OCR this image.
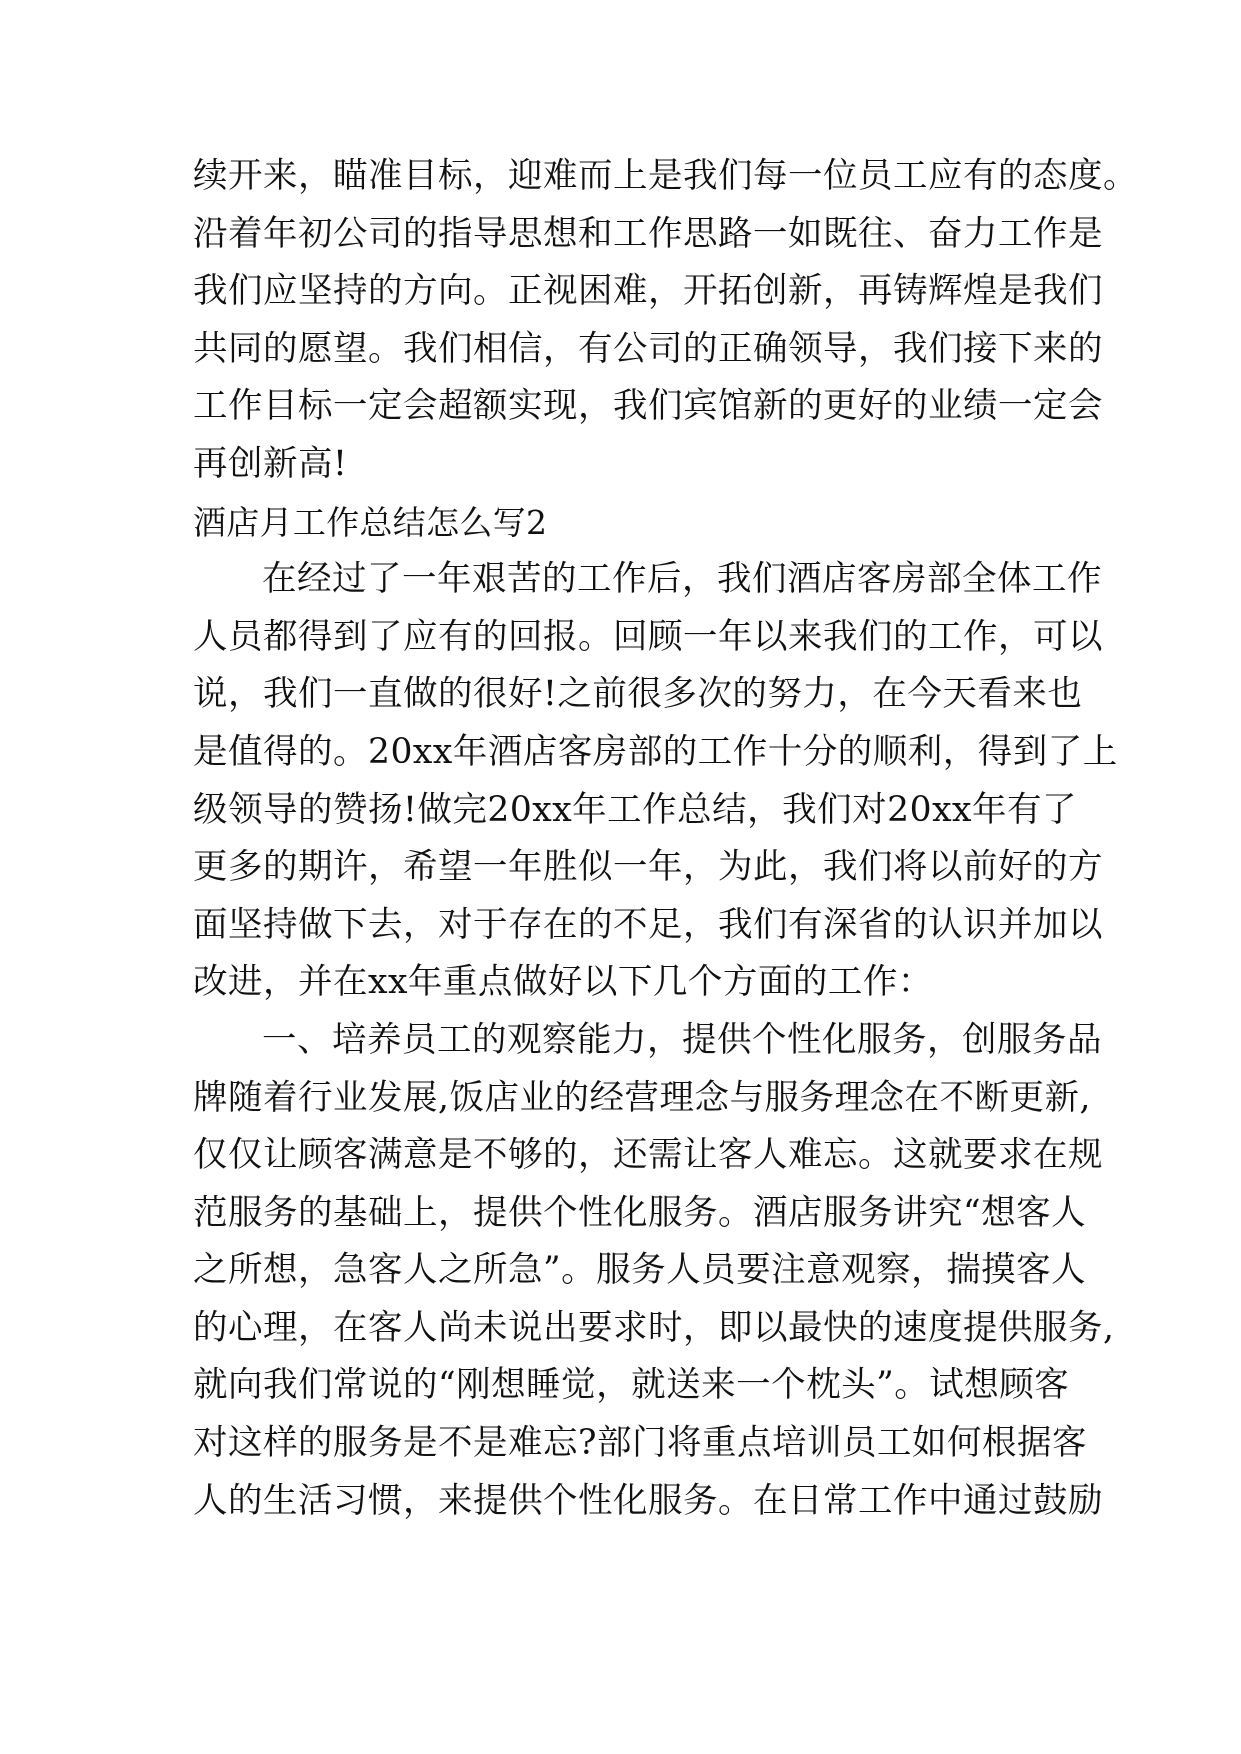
续开来，瞄准目标，迎难而上是我们每一位员工应有的态度。
沿着年初公司的指导思想和工作思路一如既往、奋力工作是
我们应坚持的方向。正视困难，开拓创新，再铸辉煌是我们
共同的愿望。我们相信，有公司的正确领导，我们接下来的
工作目标一定会超额实现，我们宾馆新的更好的业绩一定会
再创新高!
酒店月工作总结怎么写2
在经过了一年艰苦的工作后，我们酒店客房部全体工作
人员都得到了应有的回报。回顾一年以来我们的工作，可以
说，我们一直做的很好!之前很多次的努力，在今天看来也
是值得的。20xx年酒店客房部的工作十分的顺利，得到了上
级领导的赞扬!做完20xx年工作总结，我们对20xx年有了
更多的期许，希望一年胜似一年，为此，我们将以前好的方
面坚持做下去，对于存在的不足，我们有深省的认识并加以
改进，并在xx年重点做好以下几个方面的工作：
一、培养员工的观察能力，提供个性化服务，创服务品
牌随着行业发展,饭店业的经营理念与服务理念在不断更新,
仅仅让顾客满意是不够的，还需让客人难忘。这就要求在规
范服务的基础上，提供个性化服务。酒店服务讲究“想客人
之所想，急客人之所急”。服务人员要注意观察，揣摸客人
的心理，在客人尚未说出要求时，即以最快的速度提供服务,
就向我们常说的“刚想睡觉，就送来一个枕头”。试想顾客
对这样的服务是不是难忘?部门将重点培训员工如何根据客
人的生活习惯，来提供个性化服务。在日常工作中通过鼓励
